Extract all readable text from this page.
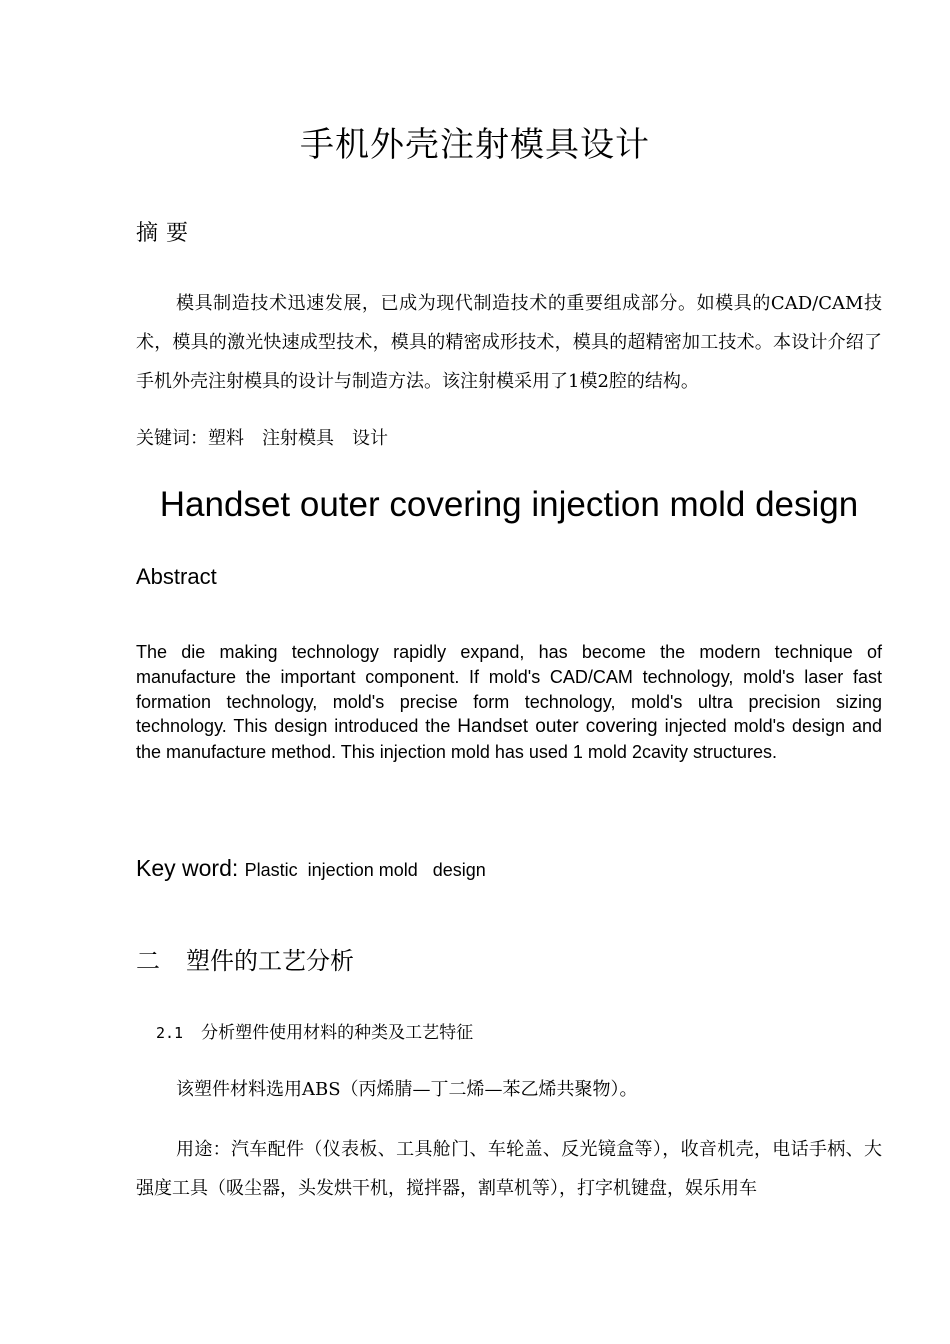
手机外壳注射模具设计
摘要
模具制造技术迅速发展，已成为现代制造技术的重要组成部分。如模具的CAD/CAM技术，模具的激光快速成型技术，模具的精密成形技术，模具的超精密加工技术。本设计介绍了手机外壳注射模具的设计与制造方法。该注射模采用了1模2腔的结构。
关键词：塑料 注射模具 设计
Handset outer covering injection mold design
Abstract
The die making technology rapidly expand, has become the modern technique of manufacture the important component. If mold's CAD/CAM technology, mold's laser fast formation technology, mold's precise form technology, mold's ultra precision sizing technology. This design introduced the Handset outer covering injected mold's design and the manufacture method. This injection mold has used 1 mold 2cavity structures.
Key word: Plastic  injection mold   design
二 塑件的工艺分析
2.1 分析塑件使用材料的种类及工艺特征
该塑件材料选用ABS（丙烯腈—丁二烯—苯乙烯共聚物）。
用途：汽车配件（仪表板、工具舱门、车轮盖、反光镜盒等），收音机壳，电话手柄、大强度工具（吸尘器，头发烘干机，搅拌器，割草机等），打字机键盘，娱乐用车
